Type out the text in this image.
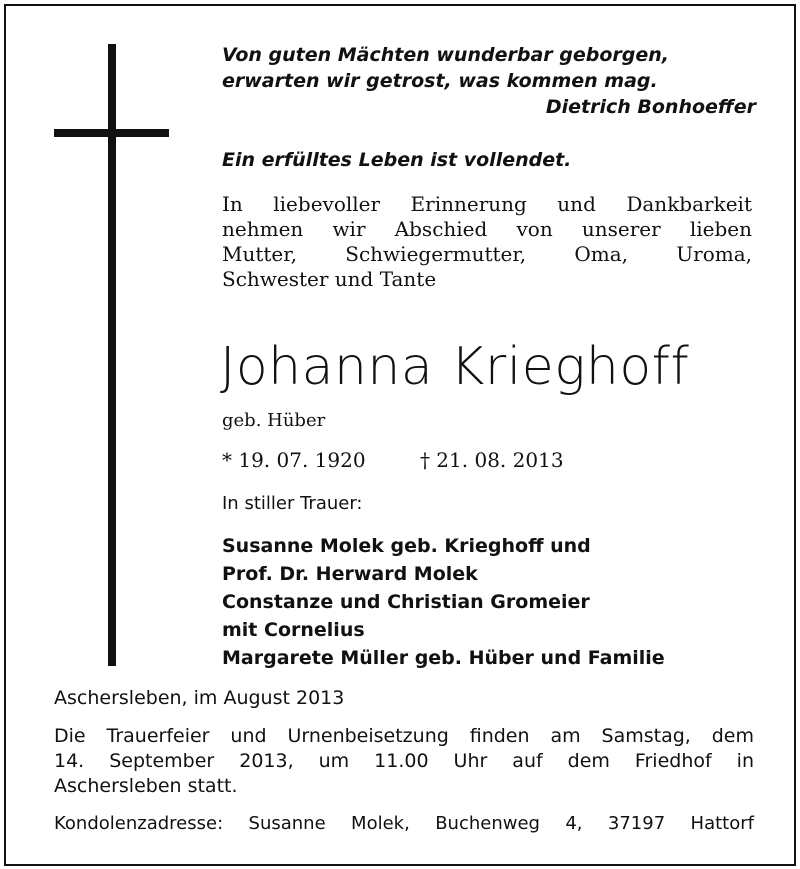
Von guten Mächten wunderbar geborgen,
erwarten wir getrost, was kommen mag.
Dietrich Bonhoeffer
Ein erfülltes Leben ist vollendet.
In liebevoller Erinnerung und Dankbarkeit
nehmen wir Abschied von unserer lieben
Mutter, Schwiegermutter, Oma, Uroma,
Schwester und Tante
Johanna Krieghoff
geb. Hüber
* 19. 07. 1920	† 21. 08. 2013
In stiller Trauer:
Susanne Molek geb. Krieghoff und
Prof. Dr. Herward Molek
Constanze und Christian Gromeier
mit Cornelius
Margarete Müller geb. Hüber und Familie
Aschersleben, im August 2013
Die Trauerfeier und Urnenbeisetzung finden am Samstag, dem
14. September 2013, um 11.00 Uhr auf dem Friedhof in
Aschersleben statt.
Kondolenzadresse: Susanne Molek, Buchenweg 4, 37197 Hattorf
